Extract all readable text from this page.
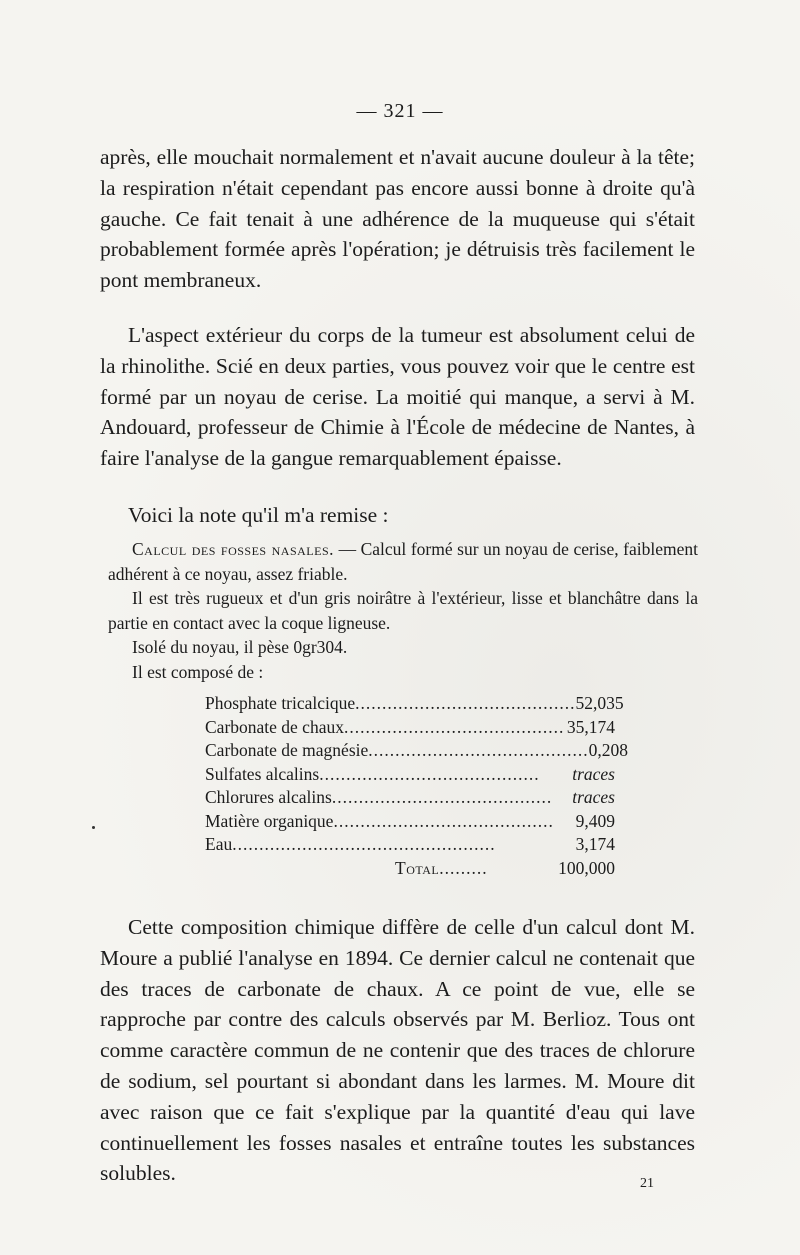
— 321 —
après, elle mouchait normalement et n'avait aucune douleur à la tête; la respiration n'était cependant pas encore aussi bonne à droite qu'à gauche. Ce fait tenait à une adhérence de la muqueuse qui s'était probablement formée après l'opération; je détruisis très facilement le pont membraneux.
L'aspect extérieur du corps de la tumeur est absolument celui de la rhinolithe. Scié en deux parties, vous pouvez voir que le centre est formé par un noyau de cerise. La moitié qui manque, a servi à M. Andouard, professeur de Chimie à l'École de médecine de Nantes, à faire l'analyse de la gangue remarquablement épaisse.
Voici la note qu'il m'a remise :

Calcul des fosses nasales. — Calcul formé sur un noyau de cerise, faiblement adhérent à ce noyau, assez friable.

Il est très rugueux et d'un gris noirâtre à l'extérieur, lisse et blanchâtre dans la partie en contact avec la coque ligneuse.

Isolé du noyau, il pèse 0gr304.

Il est composé de :

Phosphate tricalcique......................................... 52,035
Carbonate de chaux......................................... 35,174
Carbonate de magnésie......................................... 0,208
Sulfates alcalins.........................................	traces
Chlorures alcalins.........................................	traces
Matière organique.........................................	9,409
Eau.................................................	3,174
Total.........	100,000
Cette composition chimique diffère de celle d'un calcul dont M. Moure a publié l'analyse en 1894. Ce dernier calcul ne contenait que des traces de carbonate de chaux. A ce point de vue, elle se rapproche par contre des calculs observés par M. Berlioz. Tous ont comme caractère commun de ne contenir que des traces de chlorure de sodium, sel pourtant si abondant dans les larmes. M. Moure dit avec raison que ce fait s'explique par la quantité d'eau qui lave continuellement les fosses nasales et entraîne toutes les substances solubles.	21
